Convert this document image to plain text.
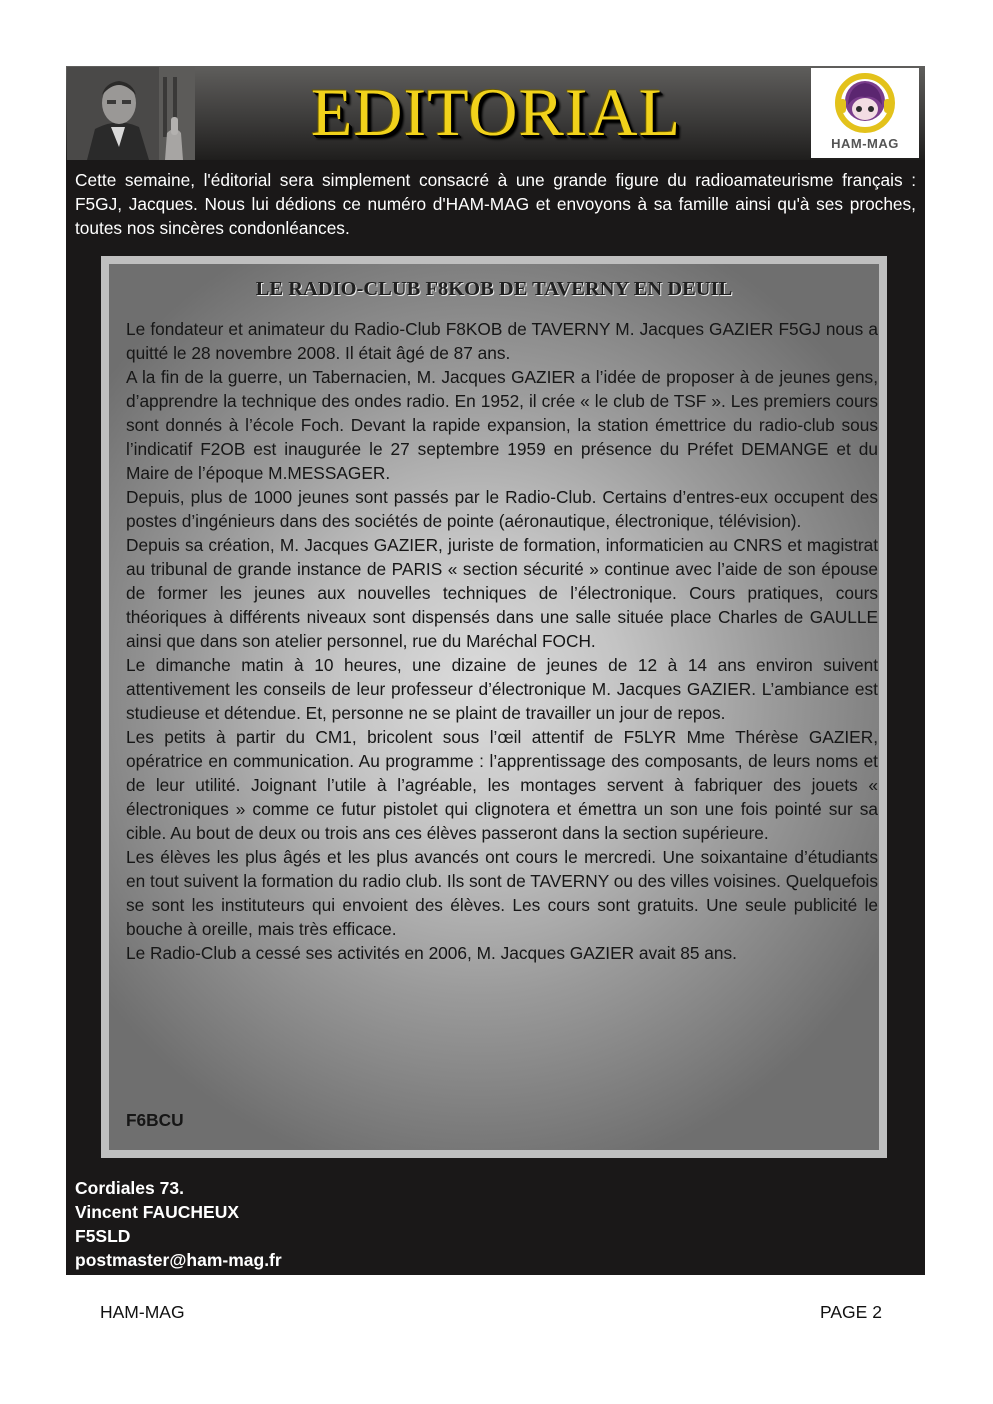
EDITORIAL	HAM-MAG
Cette semaine, l'éditorial sera simplement consacré à une grande figure du radioamateurisme français : F5GJ, Jacques. Nous lui dédions ce numéro d'HAM-MAG et envoyons à sa famille ainsi qu'à ses proches, toutes nos sincères condonléances.
LE RADIO-CLUB F8KOB DE TAVERNY EN DEUIL

Le fondateur et animateur du Radio-Club F8KOB de TAVERNY M. Jacques GAZIER F5GJ nous a quitté le 28 novembre 2008. Il était âgé de 87 ans.

A la fin de la guerre, un Tabernacien, M. Jacques GAZIER a l’idée de proposer à de jeunes gens, d’apprendre la technique des ondes radio. En 1952, il crée « le club de TSF ». Les premiers cours sont donnés à l’école Foch. Devant la rapide expansion, la station émettrice du radio-club sous l’indicatif F2OB est inaugurée le 27 septembre 1959 en présence du Préfet DEMANGE et du Maire de l’époque M.MESSAGER.

Depuis, plus de 1000 jeunes sont passés par le Radio-Club. Certains d’entres-eux occupent des postes d’ingénieurs dans des sociétés de pointe (aéronautique, électronique, télévision).

Depuis sa création, M. Jacques GAZIER, juriste de formation, informaticien au CNRS et magistrat au tribunal de grande instance de PARIS « section sécurité » continue avec l’aide de son épouse de former les jeunes aux nouvelles techniques de l’électronique. Cours pratiques, cours théoriques à différents niveaux sont dispensés dans une salle située place Charles de GAULLE ainsi que dans son atelier personnel, rue du Maréchal FOCH.

Le dimanche matin à 10 heures, une dizaine de jeunes de 12 à 14 ans environ suivent attentivement les conseils de leur professeur d’électronique M. Jacques GAZIER. L’ambiance est studieuse et détendue. Et, personne ne se plaint de travailler un jour de repos.

Les petits à partir du CM1, bricolent sous l’œil attentif de F5LYR Mme Thérèse GAZIER, opératrice en communication. Au programme : l’apprentissage des composants, de leurs noms et de leur utilité. Joignant l’utile à l’agréable, les montages servent à fabriquer des jouets « électroniques » comme ce futur pistolet qui clignotera et émettra un son une fois pointé sur sa cible. Au bout de deux ou trois ans ces élèves passeront dans la section supérieure.

Les élèves les plus âgés et les plus avancés ont cours le mercredi. Une soixantaine d’étudiants en tout suivent la formation du radio club. Ils sont de TAVERNY ou des villes voisines. Quelquefois se sont les instituteurs qui envoient des élèves. Les cours sont gratuits. Une seule publicité le bouche à oreille, mais très efficace.

Le Radio-Club a cessé ses activités en 2006, M. Jacques GAZIER avait 85 ans.

F6BCU
Cordiales 73.
Vincent FAUCHEUX
F5SLD
postmaster@ham-mag.fr
HAM-MAG	PAGE 2
